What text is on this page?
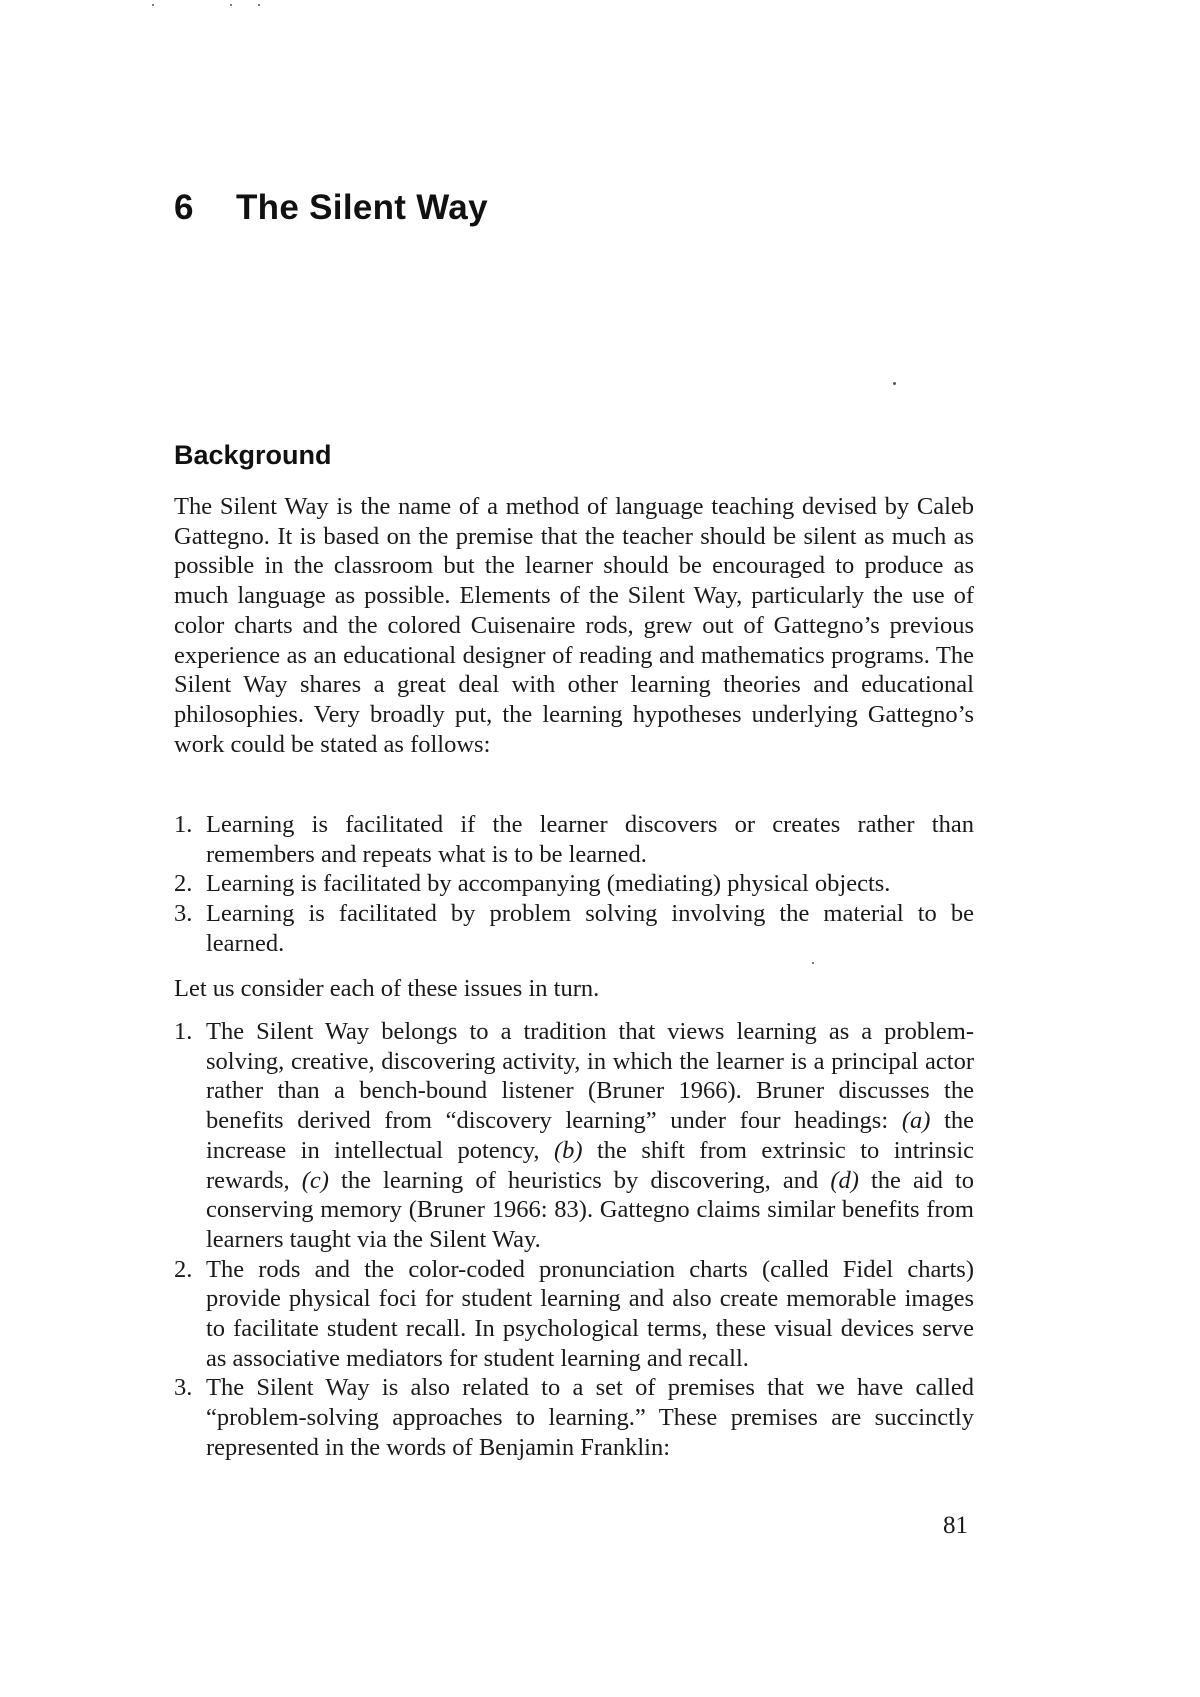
6 The Silent Way
Background

The Silent Way is the name of a method of language teaching devised by Caleb Gattegno. It is based on the premise that the teacher should be silent as much as possible in the classroom but the learner should be encouraged to produce as much language as possible. Elements of the Silent Way, particularly the use of color charts and the colored Cuisenaire rods, grew out of Gattegno’s previous experience as an educational designer of reading and mathematics programs. The Silent Way shares a great deal with other learning theories and educational philosophies. Very broadly put, the learning hypotheses underlying Gattegno’s work could be stated as follows:

1. Learning is facilitated if the learner discovers or creates rather than remembers and repeats what is to be learned.
2. Learning is facilitated by accompanying (mediating) physical objects.
3. Learning is facilitated by problem solving involving the material to be learned.

Let us consider each of these issues in turn.

1. The Silent Way belongs to a tradition that views learning as a problem-solving, creative, discovering activity, in which the learner is a principal actor rather than a bench-bound listener (Bruner 1966). Bruner discusses the benefits derived from “discovery learning” under four headings: (a) the increase in intellectual potency, (b) the shift from extrinsic to intrinsic rewards, (c) the learning of heuristics by discovering, and (d) the aid to conserving memory (Bruner 1966: 83). Gattegno claims similar benefits from learners taught via the Silent Way.
2. The rods and the color-coded pronunciation charts (called Fidel charts) provide physical foci for student learning and also create memorable images to facilitate student recall. In psychological terms, these visual devices serve as associative mediators for student learning and recall.
3. The Silent Way is also related to a set of premises that we have called “problem-solving approaches to learning.” These premises are succinctly represented in the words of Benjamin Franklin:

81
